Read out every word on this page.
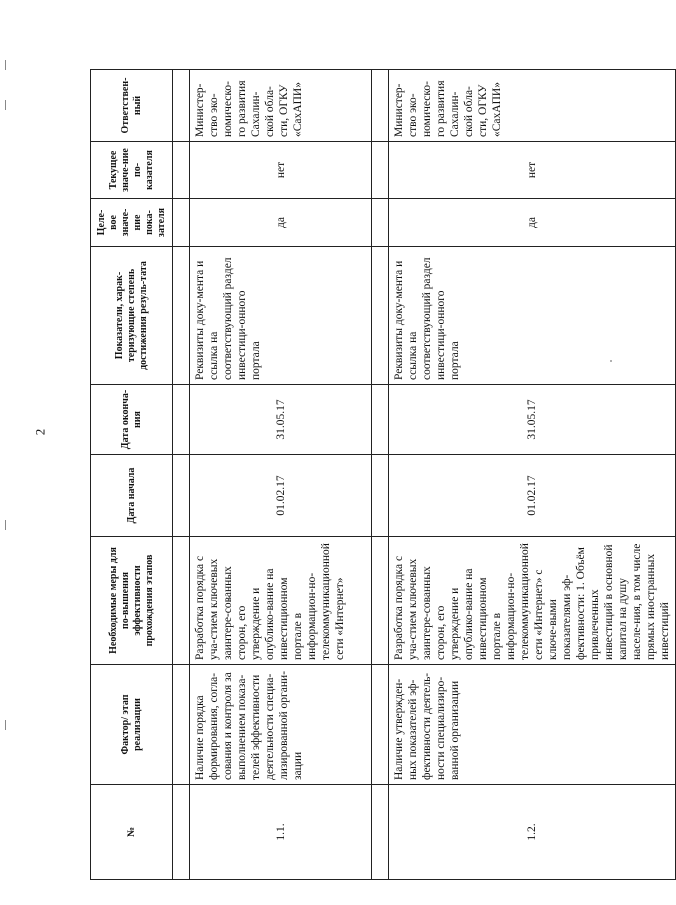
2
№	Фактор/ этап реализации	Необходимые меры для по-вышения эффективности прохождения этапов	Дата начала	Дата оконча-ния	Показатели, харак-теризующие степень достижения резуль-тата	Целе-вое значе-ние пока-зателя	Текущее значе-ние по-казателя	Ответствен-ный

1.1.	Наличие порядка формирования, согла-сования и контроля за выполнением показа-телей эффективности деятельности специа-лизированной органи-зации	Разработка порядка с уча-стием ключевых заинтере-сованных сторон, его утверждение и опублико-вание на инвестиционном портале в информацион-но-телекоммуникационной сети «Интернет»	01.02.17	31.05.17	Реквизиты доку-мента и ссылка на соответствующий раздел инвестици-онного портала	да	нет	Министер-ство эко-номическо-го развития Сахалин-ской обла-сти, ОГКУ «СахАПИ»

1.2.	Наличие утвержден-ных показателей эф-фективности деятель-ности специализиро-ванной организации	Разработка порядка с уча-стием ключевых заинтере-сованных сторон, его утверждение и опублико-вание на инвестиционном портале в информацион-но-телекоммуникационной сети «Интернет» с ключе-выми показателями эф-фективности: 1. Объём привлеченных инвестиций в основной капитал на душу населе-ния, в том числе прямых иностранных инвестиций	01.02.17	31.05.17	Реквизиты доку-мента и ссылка на соответствующий раздел инвестици-онного портала	да	нет	Министер-ство эко-номическо-го развития Сахалин-ской обла-сти, ОГКУ «СахАПИ»
